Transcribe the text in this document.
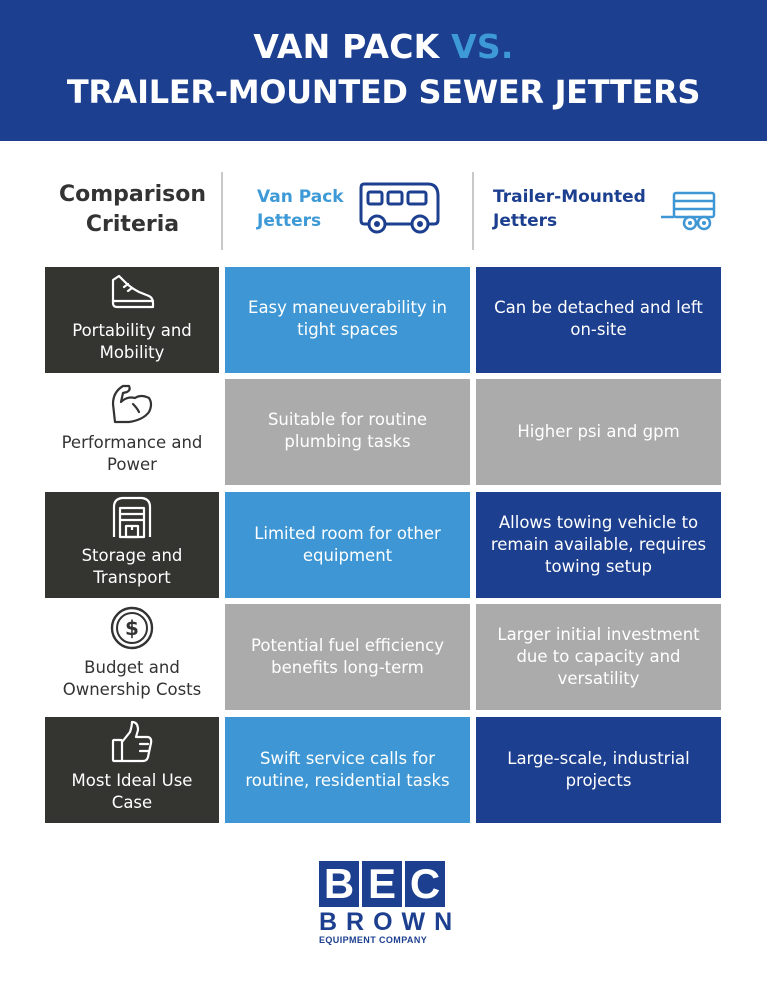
VAN PACK VS.
TRAILER-MOUNTED SEWER JETTERS
Comparison Criteria
Van Pack Jetters
Trailer-Mounted Jetters
Portability and Mobility
Easy maneuverability in tight spaces
Can be detached and left on-site
Performance and Power
Suitable for routine plumbing tasks
Higher psi and gpm
Storage and Transport
Limited room for other equipment
Allows towing vehicle to remain available, requires towing setup
$
Budget and Ownership Costs
Potential fuel efficiency benefits long-term
Larger initial investment due to capacity and versatility
Most Ideal Use Case
Swift service calls for routine, residential tasks
Large-scale, industrial projects
B E C
BROWN
EQUIPMENT COMPANY
